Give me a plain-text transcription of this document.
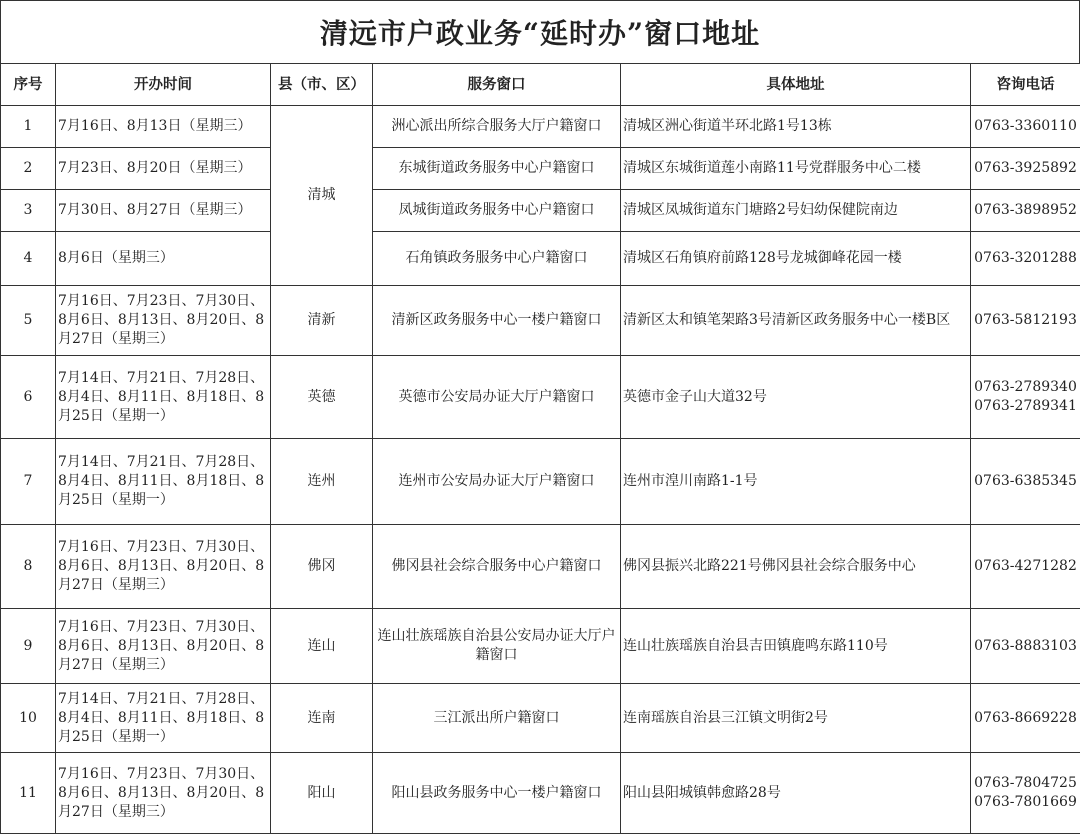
清远市户政业务“延时办”窗口地址
序号	开办时间	县（市、区）	服务窗口	具体地址	咨询电话
1	7月16日、8月13日（星期三）	清城	洲心派出所综合服务大厅户籍窗口	清城区洲心街道半环北路1号13栋	0763-3360110

2	7月23日、8月20日（星期三）		东城街道政务服务中心户籍窗口	清城区东城街道莲小南路11号党群服务中心二楼	0763-3925892

3	7月30日、8月27日（星期三）		凤城街道政务服务中心户籍窗口	清城区凤城街道东门塘路2号妇幼保健院南边	0763-3898952

4	8月6日（星期三）		石角镇政务服务中心户籍窗口	清城区石角镇府前路128号龙城御峰花园一楼	0763-3201288

5	7月16日、7月23日、7月30日、8月6日、8月13日、8月20日、8月27日（星期三）	清新	清新区政务服务中心一楼户籍窗口	清新区太和镇笔架路3号清新区政务服务中心一楼B区	0763-5812193

6	7月14日、7月21日、7月28日、8月4日、8月11日、8月18日、8月25日（星期一）	英德	英德市公安局办证大厅户籍窗口	英德市金子山大道32号	0763-2789340
0763-2789341

7	7月14日、7月21日、7月28日、8月4日、8月11日、8月18日、8月25日（星期一）	连州	连州市公安局办证大厅户籍窗口	连州市湟川南路1-1号	0763-6385345

8	7月16日、7月23日、7月30日、8月6日、8月13日、8月20日、8月27日（星期三）	佛冈	佛冈县社会综合服务中心户籍窗口	佛冈县振兴北路221号佛冈县社会综合服务中心	0763-4271282

9	7月16日、7月23日、7月30日、8月6日、8月13日、8月20日、8月27日（星期三）	连山	连山壮族瑶族自治县公安局办证大厅户籍窗口	连山壮族瑶族自治县吉田镇鹿鸣东路110号	0763-8883103

10	7月14日、7月21日、7月28日、8月4日、8月11日、8月18日、8月25日（星期一）	连南	三江派出所户籍窗口	连南瑶族自治县三江镇文明街2号	0763-8669228

11	7月16日、7月23日、7月30日、8月6日、8月13日、8月20日、8月27日（星期三）	阳山	阳山县政务服务中心一楼户籍窗口	阳山县阳城镇韩愈路28号	0763-7804725
0763-7801669
